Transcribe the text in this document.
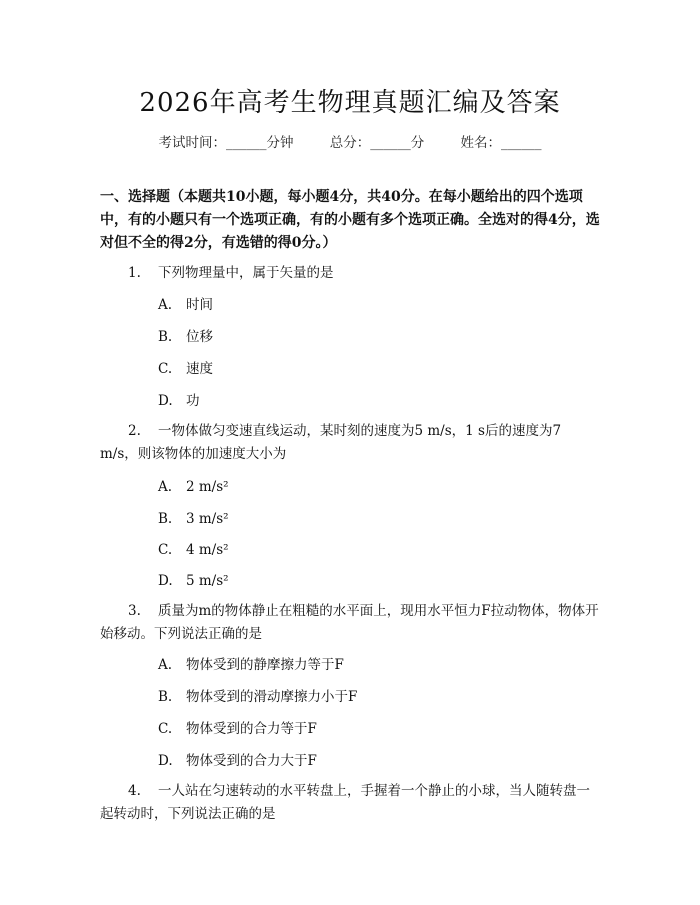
2026年高考生物理真题汇编及答案
考试时间：______分钟	总分：______分	姓名：______
一、选择题（本题共10小题，每小题4分，共40分。在每小题给出的四个选项中，有的小题只有一个选项正确，有的小题有多个选项正确。全选对的得4分，选对但不全的得2分，有选错的得0分。）
1. 下列物理量中，属于矢量的是
A. 时间
B. 位移
C. 速度
D. 功
2. 一物体做匀变速直线运动，某时刻的速度为5 m/s，1 s后的速度为7 m/s，则该物体的加速度大小为
A. 2 m/s²
B. 3 m/s²
C. 4 m/s²
D. 5 m/s²
3. 质量为m的物体静止在粗糙的水平面上，现用水平恒力F拉动物体，物体开始移动。下列说法正确的是
A. 物体受到的静摩擦力等于F
B. 物体受到的滑动摩擦力小于F
C. 物体受到的合力等于F
D. 物体受到的合力大于F
4. 一人站在匀速转动的水平转盘上，手握着一个静止的小球，当人随转盘一起转动时，下列说法正确的是
